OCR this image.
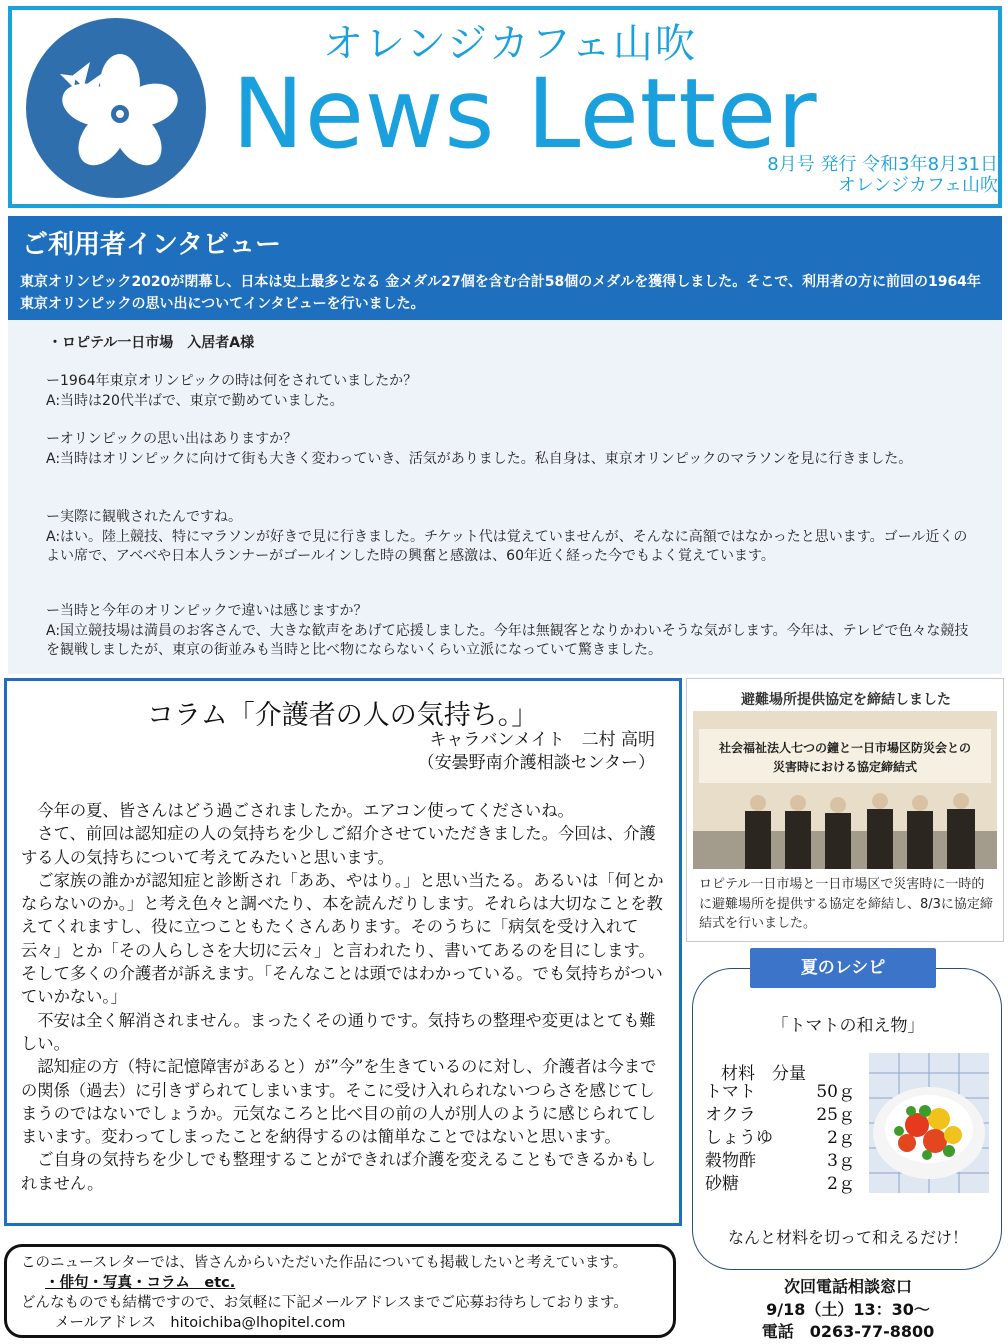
オレンジカフェ山吹
News Letter
8月号 発行 令和3年8月31日
オレンジカフェ山吹
ご利用者インタビュー
東京オリンピック2020が閉幕し、日本は史上最多となる 金メダル27個を含む合計58個のメダルを獲得しました。そこで、利用者の方に前回の1964年東京オリンピックの思い出についてインタビューを行いました。
・ロピテル一日市場　入居者A様

ー1964年東京オリンピックの時は何をされていましたか？

A:当時は20代半ばで、東京で勤めていました。

ーオリンピックの思い出はありますか？

A:当時はオリンピックに向けて街も大きく変わっていき、活気がありました。私自身は、東京オリンピックのマラソンを見に行きました。

ー実際に観戦されたんですね。

A:はい。陸上競技、特にマラソンが好きで見に行きました。チケット代は覚えていませんが、そんなに高額ではなかったと思います。ゴール近くのよい席で、アベベや日本人ランナーがゴールインした時の興奮と感激は、60年近く経った今でもよく覚えています。

ー当時と今年のオリンピックで違いは感じますか？

A:国立競技場は満員のお客さんで、大きな歓声をあげて応援しました。今年は無観客となりかわいそうな気がします。今年は、テレビで色々な競技を観戦しましたが、東京の街並みも当時と比べ物にならないくらい立派になっていて驚きました。

コラム「介護者の人の気持ち。」
キャラバンメイト　二村 高明
（安曇野南介護相談センター）

今年の夏、皆さんはどう過ごされましたか。エアコン使ってくださいね。

さて、前回は認知症の人の気持ちを少しご紹介させていただきました。今回は、介護する人の気持ちについて考えてみたいと思います。

ご家族の誰かが認知症と診断され「ああ、やはり。」と思い当たる。あるいは「何とかならないのか。」と考え色々と調べたり、本を読んだりします。それらは大切なことを教えてくれますし、役に立つこともたくさんあります。そのうちに「病気を受け入れて云々」とか「その人らしさを大切に云々」と言われたり、書いてあるのを目にします。そして多くの介護者が訴えます。「そんなことは頭ではわかっている。でも気持ちがついていかない。」

不安は全く解消されません。まったくその通りです。気持ちの整理や変更はとても難しい。

認知症の方（特に記憶障害があると）が”今”を生きているのに対し、介護者は今までの関係（過去）に引きずられてしまいます。そこに受け入れられないつらさを感じてしまうのではないでしょうか。元気なころと比べ目の前の人が別人のように感じられてしまいます。変わってしまったことを納得するのは簡単なことではないと思います。

ご自身の気持ちを少しでも整理することができれば介護を変えることもできるかもしれません。

避難場所提供協定を締結しました
社会福祉法人七つの鐘と一日市場区防災会との
災害時における協定締結式
ロピテル一日市場と一日市場区で災害時に一時的に避難場所を提供する協定を締結し、8/3に協定締結式を行いました。
「トマトの和え物」
材料　分量
トマト	50ｇ
オクラ	25ｇ
しょうゆ	2ｇ
穀物酢	3ｇ
砂糖	2ｇ
なんと材料を切って和えるだけ！
夏のレシピ
このニュースレターでは、皆さんからいただいた作品についても掲載したいと考えています。 ・俳句・写真・コラム　etc.
どんなものでも結構ですので、お気軽に下記メールアドレスまでご応募お待ちしております。 メールアドレス hitoichiba@lhopitel.com
次回電話相談窓口
9/18（土）13：30～
電話　0263-77-8800
